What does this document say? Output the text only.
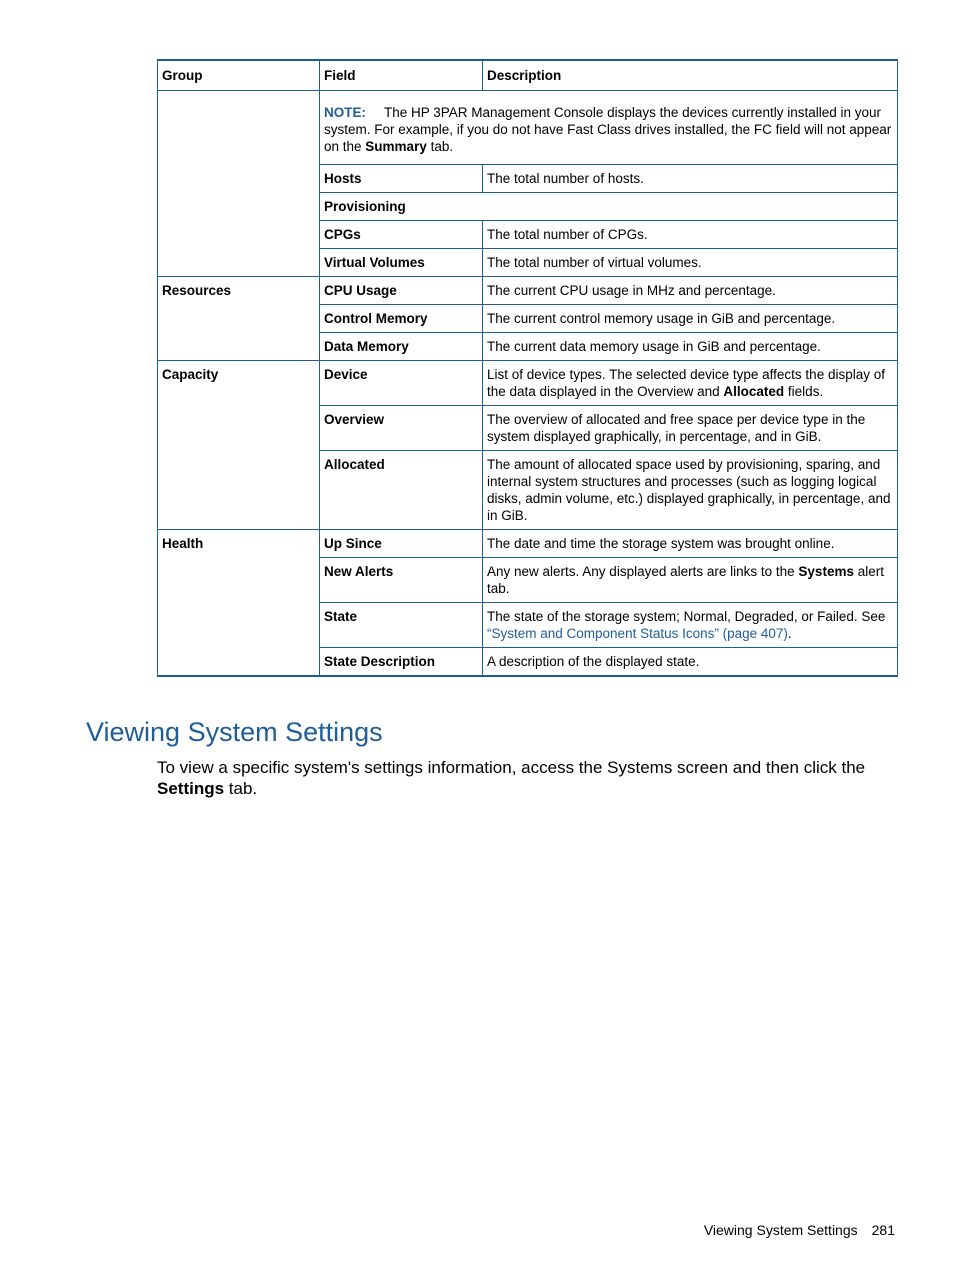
Group	Field	Description
	NOTE: The HP 3PAR Management Console displays the devices currently installed in your system. For example, if you do not have Fast Class drives installed, the FC field will not appear on the Summary tab.	
	Hosts	The total number of hosts.
	Provisioning	
	CPGs	The total number of CPGs.
	Virtual Volumes	The total number of virtual volumes.
Resources	CPU Usage	The current CPU usage in MHz and percentage.
	Control Memory	The current control memory usage in GiB and percentage.
	Data Memory	The current data memory usage in GiB and percentage.
Capacity	Device	List of device types. The selected device type affects the display of the data displayed in the Overview and Allocated fields.
	Overview	The overview of allocated and free space per device type in the system displayed graphically, in percentage, and in GiB.
	Allocated	The amount of allocated space used by provisioning, sparing, and internal system structures and processes (such as logging logical disks, admin volume, etc.) displayed graphically, in percentage, and in GiB.
Health	Up Since	The date and time the storage system was brought online.
	New Alerts	Any new alerts. Any displayed alerts are links to the Systems alert tab.
	State	The state of the storage system; Normal, Degraded, or Failed. See “System and Component Status Icons” (page 407).
	State Description	A description of the displayed state.
Viewing System Settings

To view a specific system's settings information, access the Systems screen and then click the Settings tab.

Viewing System Settings 281
